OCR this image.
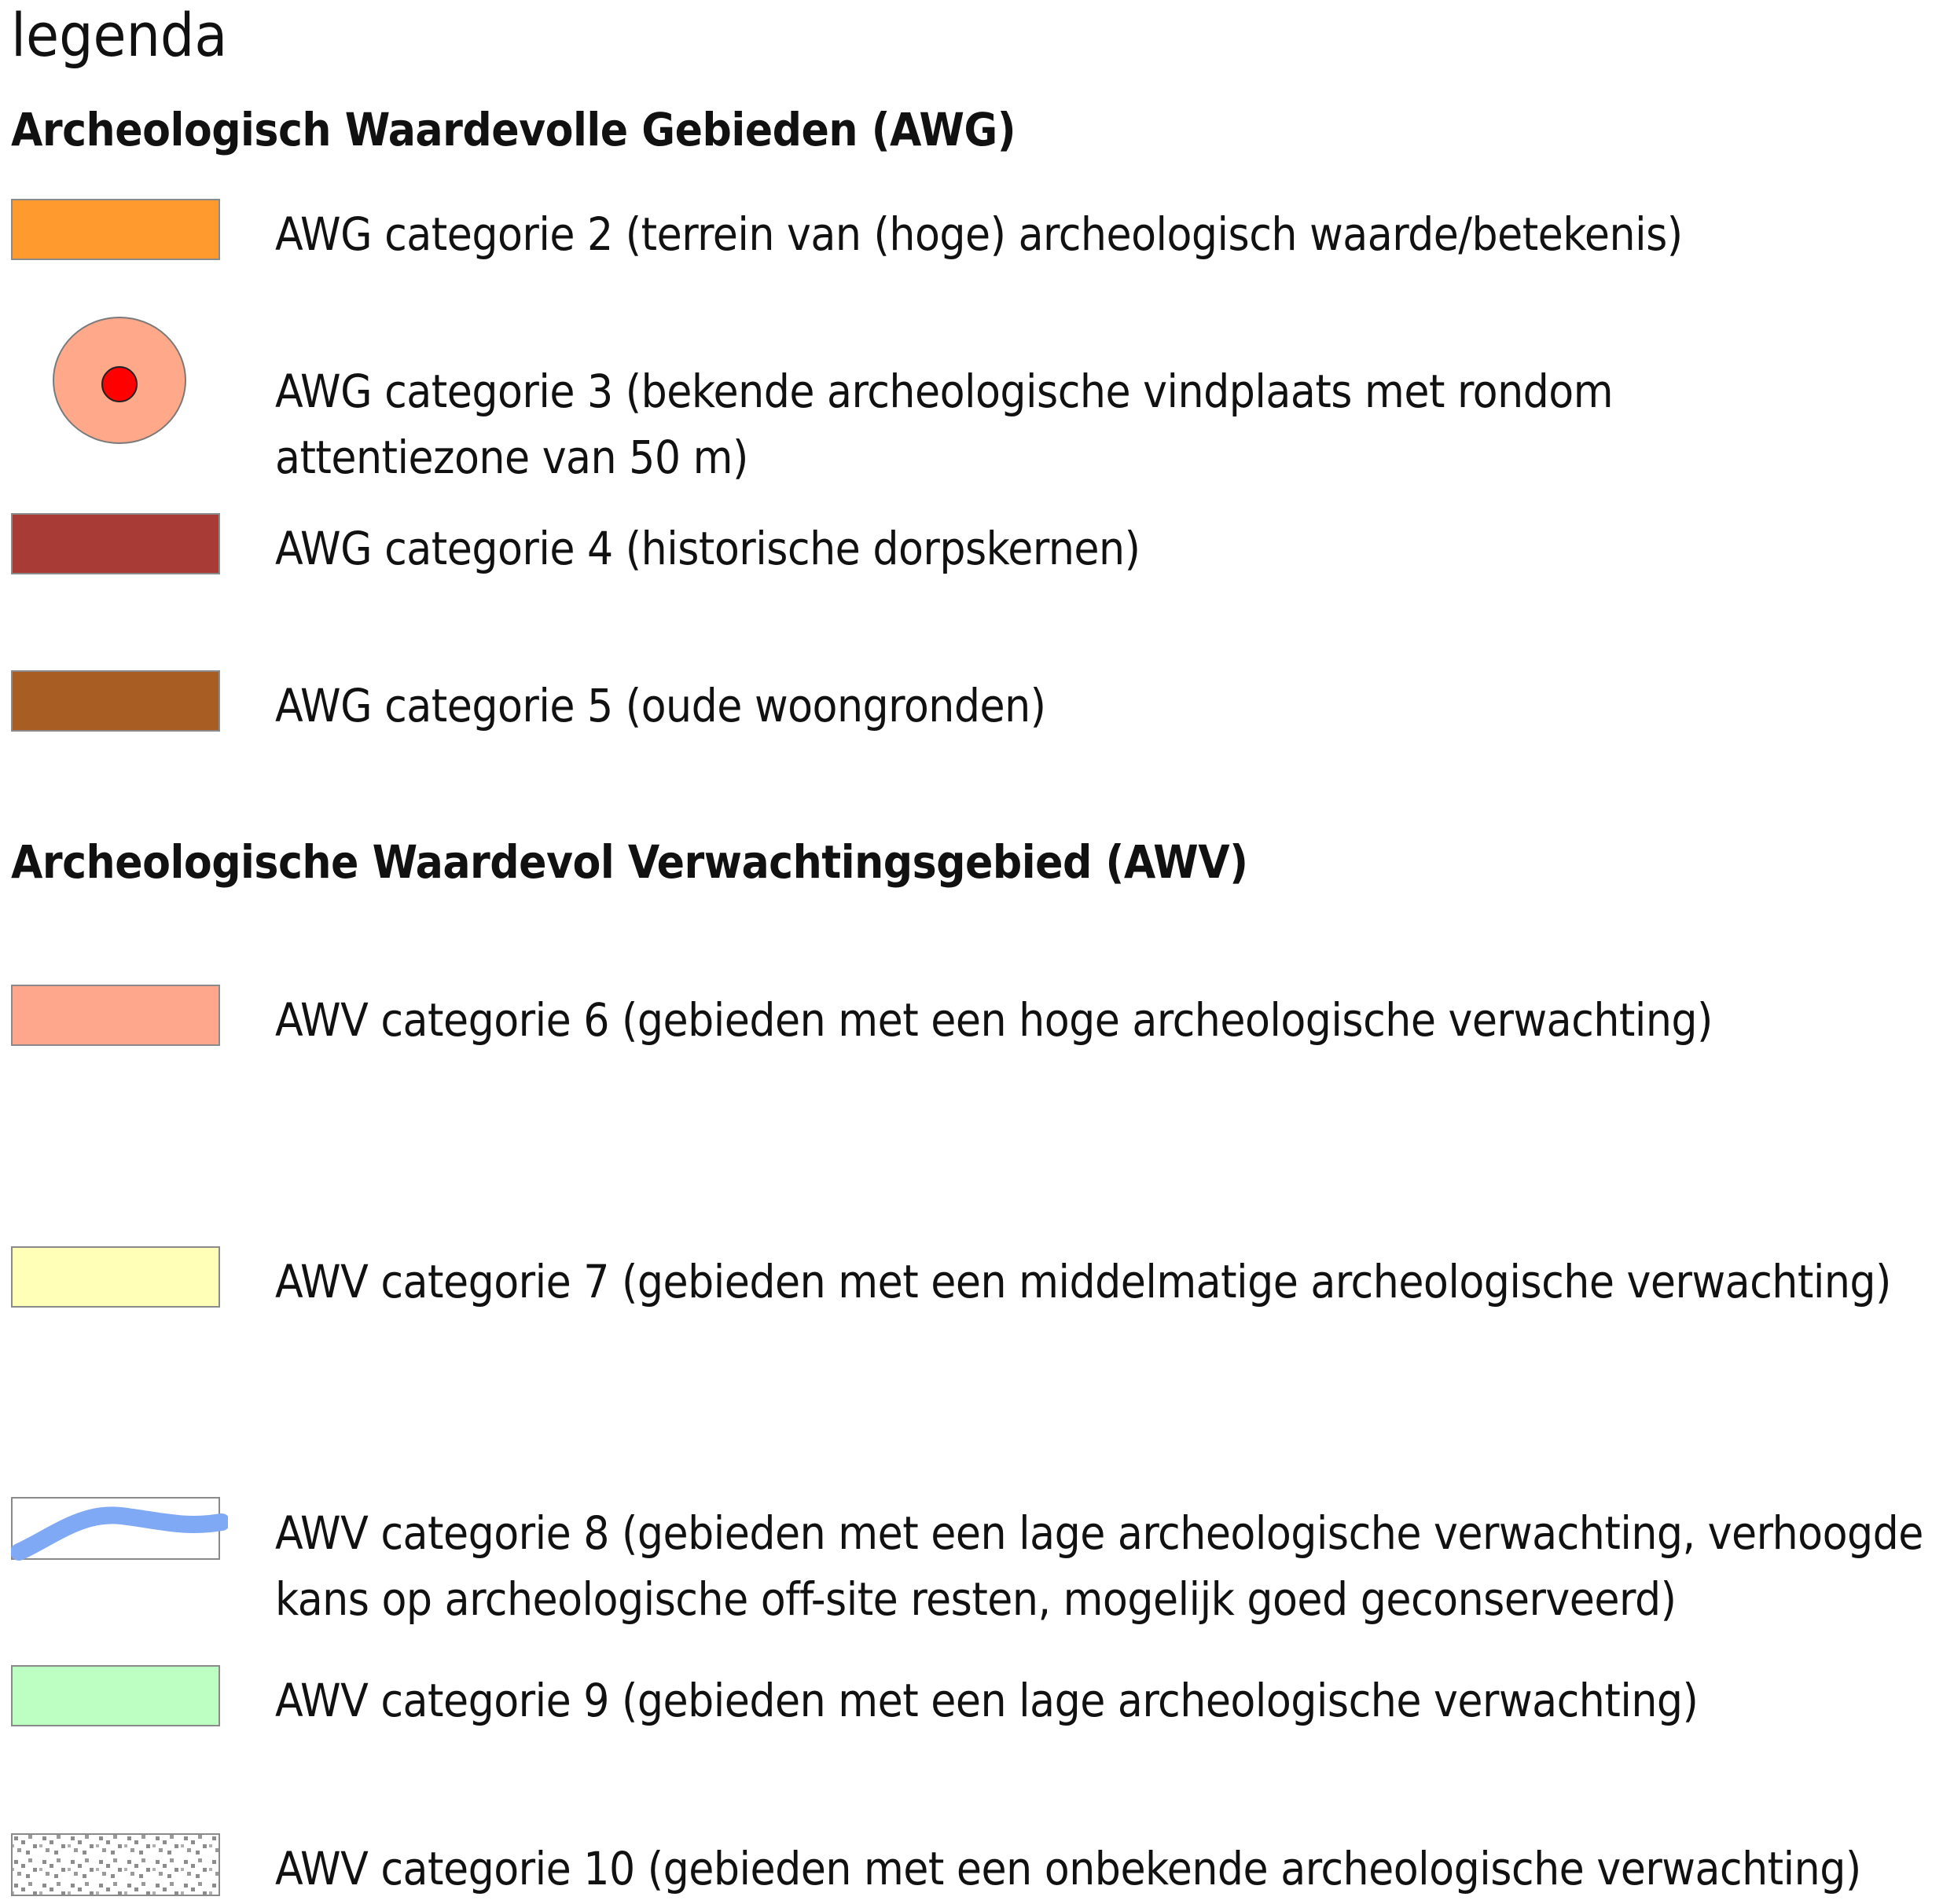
legenda
Archeologisch Waardevolle Gebieden (AWG)
AWG categorie 2 (terrein van (hoge) archeologisch waarde/betekenis)
AWG categorie 3 (bekende archeologische vindplaats met rondom
attentiezone van 50 m)
AWG categorie 4 (historische dorpskernen)
AWG categorie 5 (oude woongronden)
Archeologische Waardevol Verwachtingsgebied (AWV)
AWV categorie 6 (gebieden met een hoge archeologische verwachting)
AWV categorie 7 (gebieden met een middelmatige archeologische verwachting)
AWV categorie 8 (gebieden met een lage archeologische verwachting, verhoogde
kans op archeologische off-site resten, mogelijk goed geconserveerd)
AWV categorie 9 (gebieden met een lage archeologische verwachting)
AWV categorie 10 (gebieden met een onbekende archeologische verwachting)
